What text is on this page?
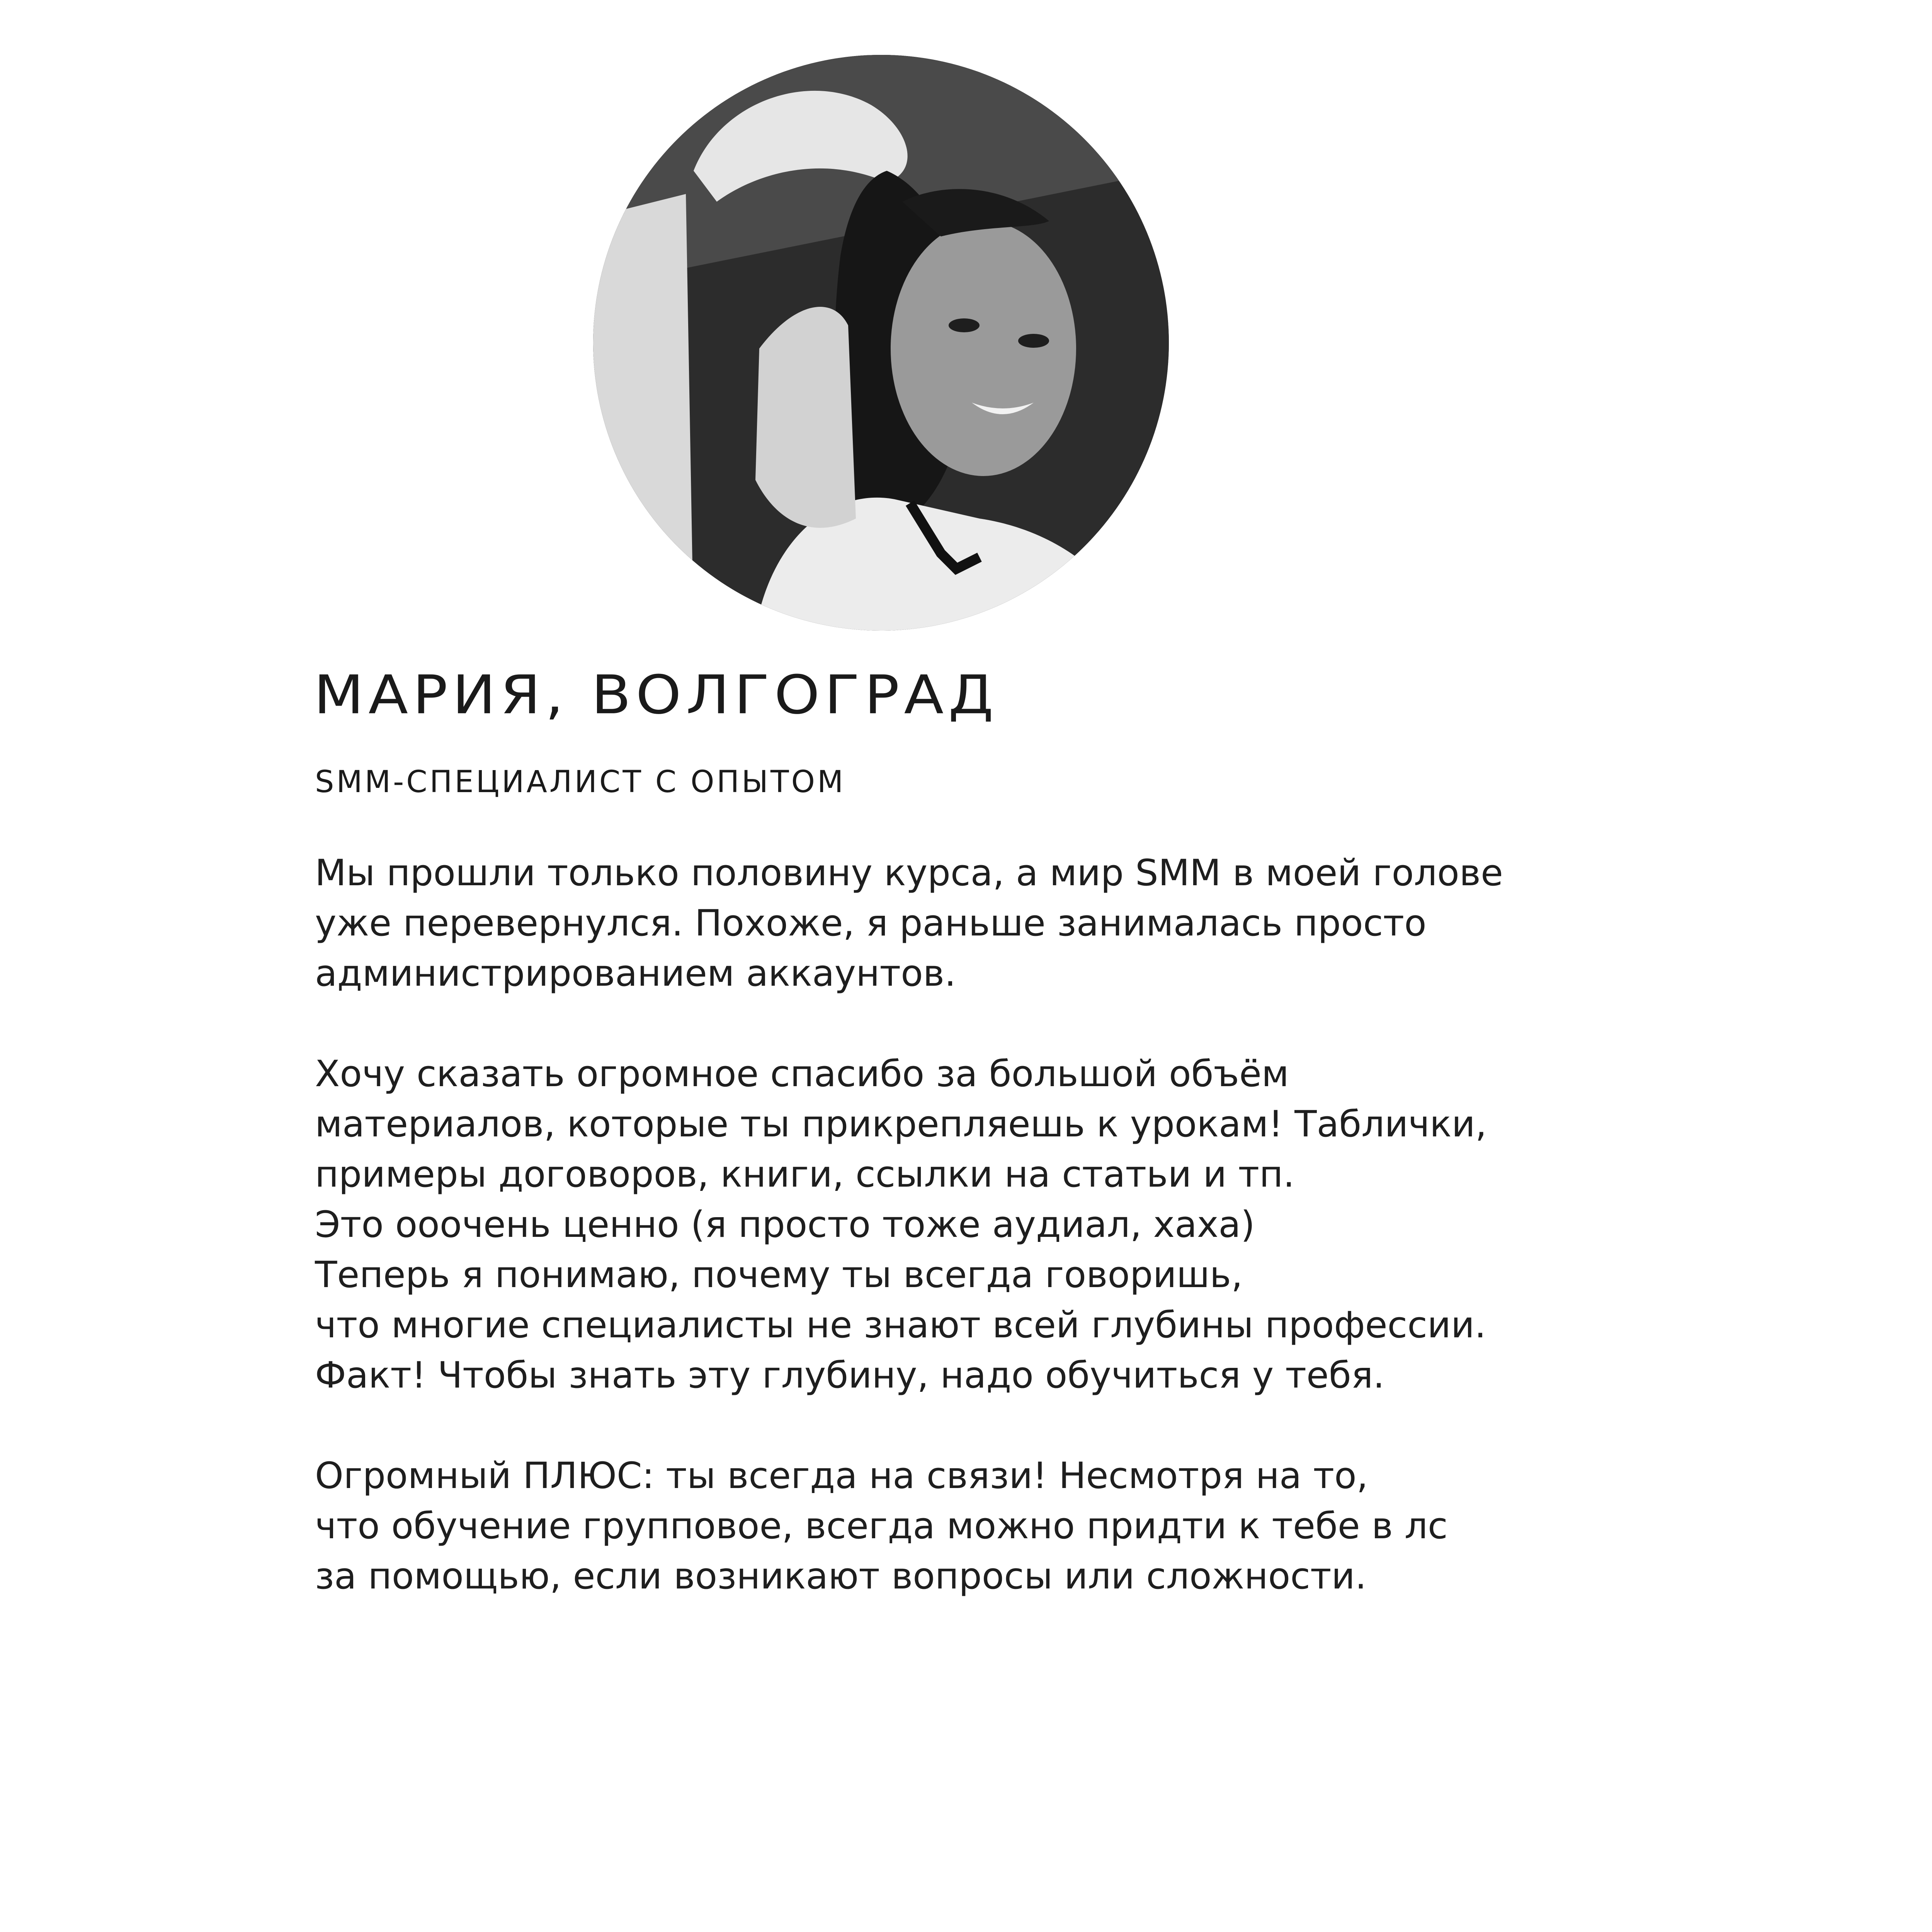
МАРИЯ, ВОЛГОГРАД
SMM-СПЕЦИАЛИСТ С ОПЫТОМ

Мы прошли только половину курса, а мир SMM в моей голове
уже перевернулся. Похоже, я раньше занималась просто
администрированием аккаунтов.

Хочу сказать огромное спасибо за большой объём
материалов, которые ты прикрепляешь к урокам! Таблички,
примеры договоров, книги, ссылки на статьи и тп.
Это ооочень ценно (я просто тоже аудиал, хаха)
Теперь я понимаю, почему ты всегда говоришь,
что многие специалисты не знают всей глубины профессии.
Факт! Чтобы знать эту глубину, надо обучиться у тебя.

Огромный ПЛЮС: ты всегда на связи! Несмотря на то,
что обучение групповое, всегда можно придти к тебе в лс
за помощью, если возникают вопросы или сложности.
